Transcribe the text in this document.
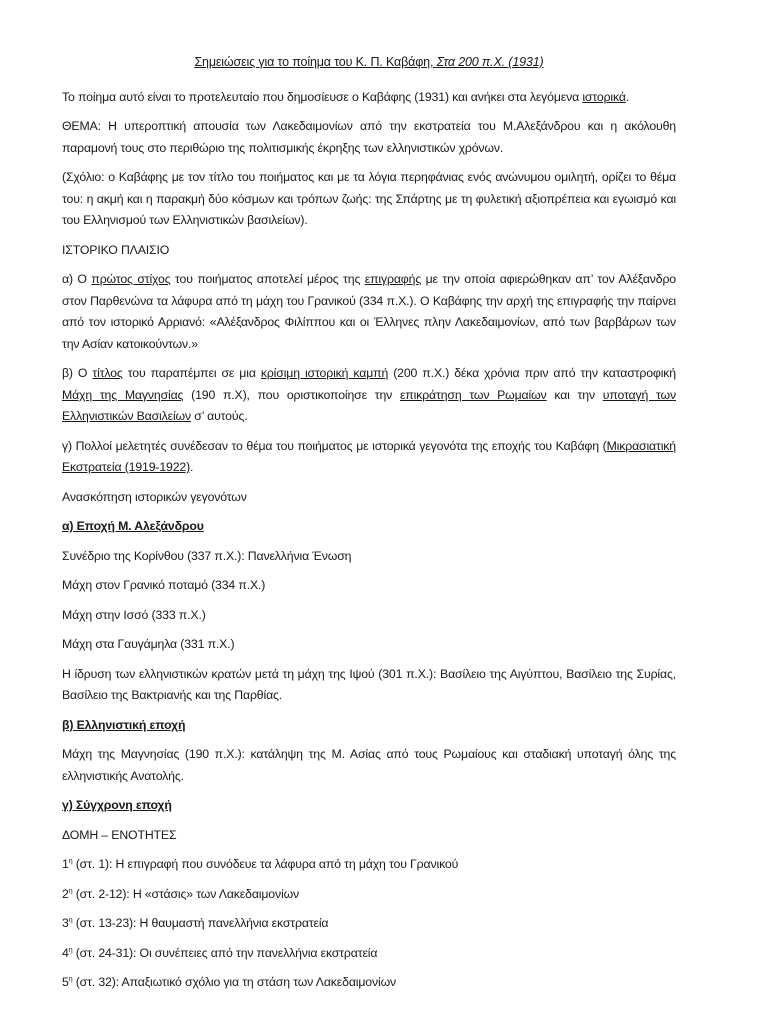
Σημειώσεις για το ποίημα του Κ. Π. Καβάφη, Στα 200 π.Χ. (1931)

Το ποίημα αυτό είναι το προτελευταίο που δημοσίευσε ο Καβάφης (1931) και ανήκει στα λεγόμενα ιστορικά.

ΘΕΜΑ: Η υπεροπτική απουσία των Λακεδαιμονίων από την εκστρατεία του Μ.Αλεξάνδρου και η ακόλουθη παραμονή τους στο περιθώριο της πολιτισμικής έκρηξης των ελληνιστικών χρόνων.

(Σχόλιο: ο Καβάφης με τον τίτλο του ποιήματος και με τα λόγια περηφάνιας ενός ανώνυμου ομιλητή, ορίζει το θέμα του: η ακμή και η παρακμή δύο κόσμων και τρόπων ζωής: της Σπάρτης με τη φυλετική αξιοπρέπεια και εγωισμό και του Ελληνισμού των Ελληνιστικών βασιλείων).

ΙΣΤΟΡΙΚΟ ΠΛΑΙΣΙΟ

α) Ο πρώτος στίχος του ποιήματος αποτελεί μέρος της επιγραφής με την οποία αφιερώθηκαν απ’ τον Αλέξανδρο στον Παρθενώνα τα λάφυρα από τη μάχη του Γρανικού (334 π.Χ.). Ο Καβάφης την αρχή της επιγραφής την παίρνει από τον ιστορικό Αρριανό: «Αλέξανδρος Φιλίππου και οι Έλληνες πλην Λακεδαιμονίων, από των βαρβάρων των την Ασίαν κατοικούντων.»

β) Ο τίτλος του παραπέμπει σε μια κρίσιμη ιστορική καμπή (200 π.Χ.) δέκα χρόνια πριν από την καταστροφική Μάχη της Μαγνησίας (190 π.Χ), που οριστικοποίησε την επικράτηση των Ρωμαίων και την υποταγή των Ελληνιστικών Βασιλείων σ’ αυτούς.

γ) Πολλοί μελετητές συνέδεσαν το θέμα του ποιήματος με ιστορικά γεγονότα της εποχής του Καβάφη (Μικρασιατική Εκστρατεία (1919-1922).

Ανασκόπηση ιστορικών γεγονότων
α) Εποχή Μ. Αλεξάνδρου
Συνέδριο της Κορίνθου (337 π.Χ.): Πανελλήνια Ένωση
Μάχη στον Γρανικό ποταμό (334 π.Χ.)
Μάχη στην Ισσό (333 π.Χ.)
Μάχη στα Γαυγάμηλα (331 π.Χ.)

Η ίδρυση των ελληνιστικών κρατών μετά τη μάχη της Ιψού (301 π.Χ.): Βασίλειο της Αιγύπτου, Βασίλειο της Συρίας, Βασίλειο της Βακτριανής και της Παρθίας.

β) Ελληνιστική εποχή

Μάχη της Μαγνησίας (190 π.Χ.): κατάληψη της Μ. Ασίας από τους Ρωμαίους και σταδιακή υποταγή όλης της ελληνιστικής Ανατολής.

γ) Σύγχρονη εποχή
ΔΟΜΗ – ΕΝΟΤΗΤΕΣ
$1^\eta$ (στ. 1): Η επιγραφή που συνόδευε τα λάφυρα από τη μάχη του Γρανικού
$2^\eta$ (στ. 2-12): Η «στάσις» των Λακεδαιμονίων
$3^\eta$ (στ. 13-23): Η θαυμαστή πανελλήνια εκστρατεία
$4^\eta$ (στ. 24-31): Οι συνέπειες από την πανελλήνια εκστρατεία
$5^\eta$ (στ. 32): Απαξιωτικό σχόλιο για τη στάση των Λακεδαιμονίων
